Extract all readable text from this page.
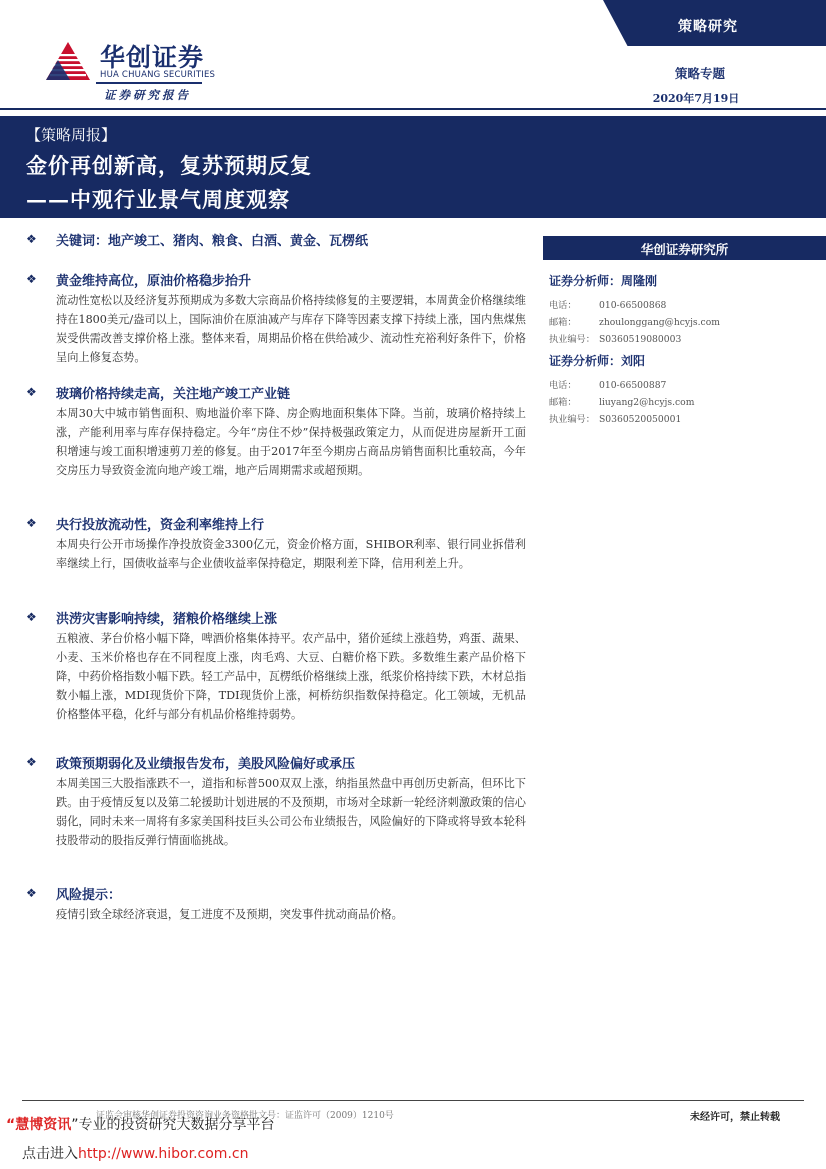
华创证券
HUA CHUANG SECURITIES
证券研究报告
策略研究
策略专题
2020年7月19日
【策略周报】
金价再创新高，复苏预期反复
——中观行业景气周度观察
❖ 关键词：地产竣工、猪肉、粮食、白酒、黄金、瓦楞纸
❖ 黄金维持高位，原油价格稳步抬升
流动性宽松以及经济复苏预期成为多数大宗商品价格持续修复的主要逻辑，本周黄金价格继续维持在1800美元/盎司以上，国际油价在原油减产与库存下降等因素支撑下持续上涨，国内焦煤焦炭受供需改善支撑价格上涨。整体来看，周期品价格在供给减少、流动性充裕利好条件下，价格呈向上修复态势。
❖ 玻璃价格持续走高，关注地产竣工产业链
本周30大中城市销售面积、购地溢价率下降、房企购地面积集体下降。当前，玻璃价格持续上涨，产能利用率与库存保持稳定。今年“房住不炒”保持极强政策定力，从而促进房屋新开工面积增速与竣工面积增速剪刀差的修复。由于2017年至今期房占商品房销售面积比重较高，今年交房压力导致资金流向地产竣工端，地产后周期需求或超预期。
❖ 央行投放流动性，资金利率维持上行
本周央行公开市场操作净投放资金3300亿元，资金价格方面，SHIBOR利率、银行同业拆借利率继续上行，国债收益率与企业债收益率保持稳定，期限利差下降，信用利差上升。
❖ 洪涝灾害影响持续，猪粮价格继续上涨
五粮液、茅台价格小幅下降，啤酒价格集体持平。农产品中，猪价延续上涨趋势，鸡蛋、蔬果、小麦、玉米价格也存在不同程度上涨，肉毛鸡、大豆、白糖价格下跌。多数维生素产品价格下降，中药价格指数小幅下跌。轻工产品中，瓦楞纸价格继续上涨，纸浆价格持续下跌，木材总指数小幅上涨，MDI现货价下降，TDI现货价上涨，柯桥纺织指数保持稳定。化工领域，无机品价格整体平稳，化纤与部分有机品价格维持弱势。
❖ 政策预期弱化及业绩报告发布，美股风险偏好或承压
本周美国三大股指涨跌不一，道指和标普500双双上涨，纳指虽然盘中再创历史新高，但环比下跌。由于疫情反复以及第二轮援助计划进展的不及预期，市场对全球新一轮经济刺激政策的信心弱化，同时未来一周将有多家美国科技巨头公司公布业绩报告，风险偏好的下降或将导致本轮科技股带动的股指反弹行情面临挑战。
❖ 风险提示：
疫情引致全球经济衰退，复工进度不及预期，突发事件扰动商品价格。
华创证券研究所
证券分析师：周隆刚
电话： 010-66500868
邮箱： zhoulonggang@hcyjs.com
执业编号： S0360519080003
证券分析师：刘阳
电话： 010-66500887
邮箱： liuyang2@hcyjs.com
执业编号： S0360520050001
证监会审核华创证券投资咨询业务资格批文号：证监许可（2009）1210号	未经许可，禁止转载
“慧博资讯”专业的投资研究大数据分享平台
点击进入http://www.hibor.com.cn
